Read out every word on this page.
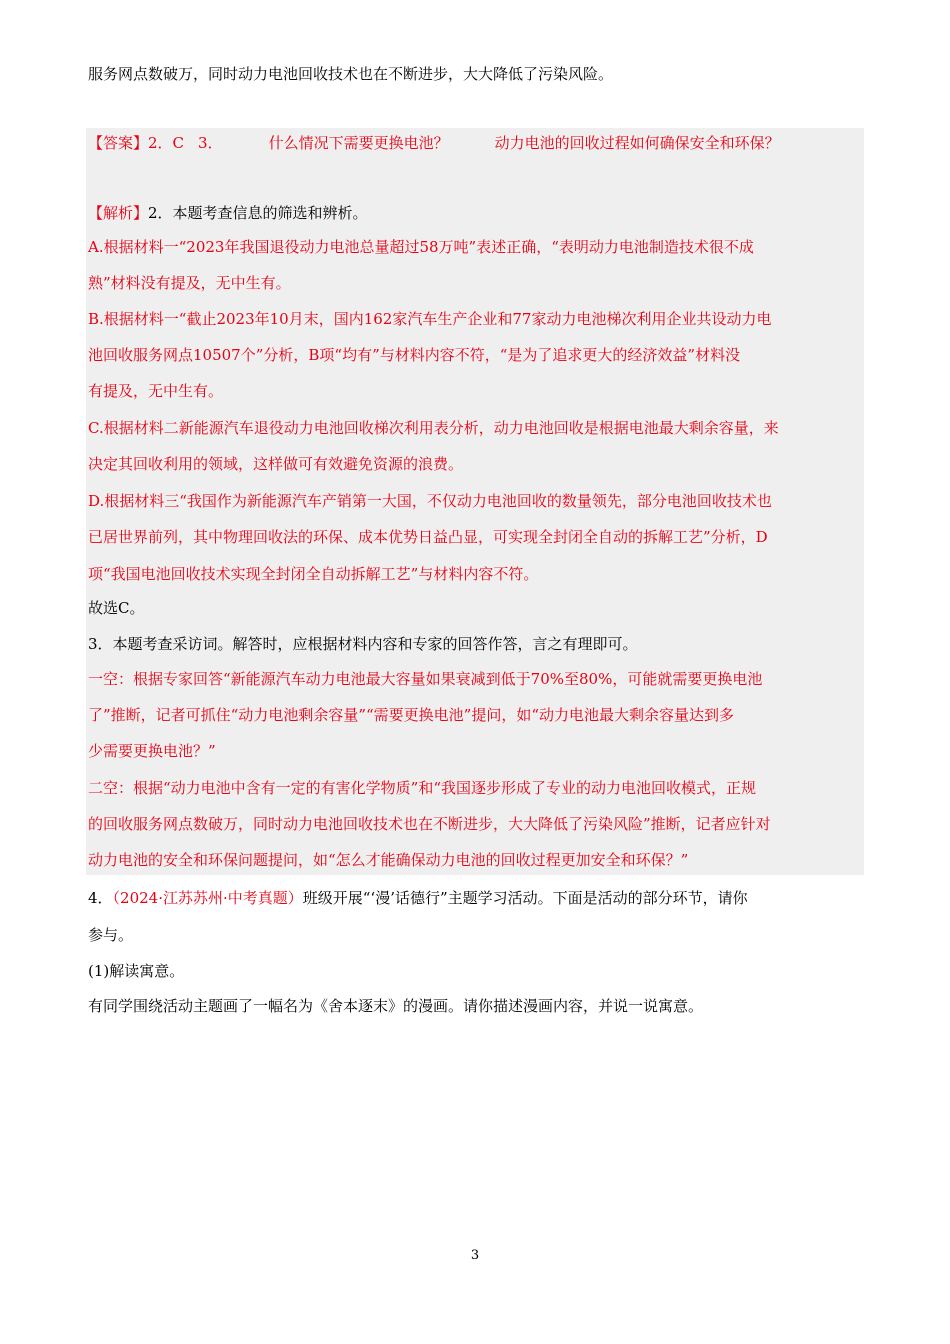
服务网点数破万，同时动力电池回收技术也在不断进步，大大降低了污染风险。
【答案】2．C 3．	什么情况下需要更换电池？	动力电池的回收过程如何确保安全和环保？
【解析】2．本题考查信息的筛选和辨析。
A.根据材料一“2023年我国退役动力电池总量超过58万吨”表述正确，“表明动力电池制造技术很不成
熟”材料没有提及，无中生有。
B.根据材料一“截止2023年10月末，国内162家汽车生产企业和77家动力电池梯次利用企业共设动力电
池回收服务网点10507个”分析，B项“均有”与材料内容不符，“是为了追求更大的经济效益”材料没
有提及，无中生有。
C.根据材料二新能源汽车退役动力电池回收梯次利用表分析，动力电池回收是根据电池最大剩余容量，来
决定其回收利用的领域，这样做可有效避免资源的浪费。
D.根据材料三“我国作为新能源汽车产销第一大国，不仅动力电池回收的数量领先，部分电池回收技术也
已居世界前列，其中物理回收法的环保、成本优势日益凸显，可实现全封闭全自动的拆解工艺”分析，D
项“我国电池回收技术实现全封闭全自动拆解工艺”与材料内容不符。
故选C。
3．本题考查采访词。解答时，应根据材料内容和专家的回答作答，言之有理即可。
一空：根据专家回答“新能源汽车动力电池最大容量如果衰减到低于70%至80%，可能就需要更换电池
了”推断，记者可抓住“动力电池剩余容量”“需要更换电池”提问，如“动力电池最大剩余容量达到多
少需要更换电池？”
二空：根据“动力电池中含有一定的有害化学物质”和“我国逐步形成了专业的动力电池回收模式，正规
的回收服务网点数破万，同时动力电池回收技术也在不断进步，大大降低了污染风险”推断，记者应针对
动力电池的安全和环保问题提问，如“怎么才能确保动力电池的回收过程更加安全和环保？”
4．（2024·江苏苏州·中考真题）班级开展“‘漫’话德行”主题学习活动。下面是活动的部分环节，请你
参与。
(1)解读寓意。
有同学围绕活动主题画了一幅名为《舍本逐末》的漫画。请你描述漫画内容，并说一说寓意。
3
